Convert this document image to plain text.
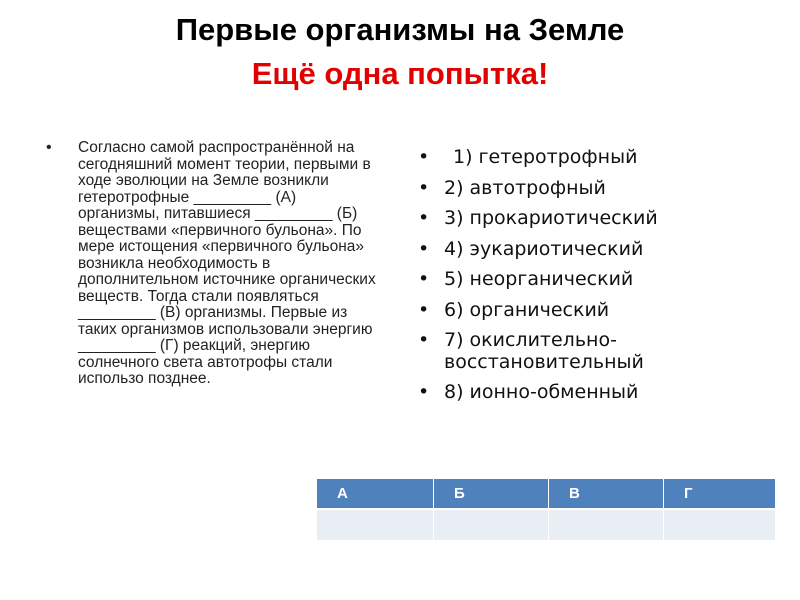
Первые организмы на Земле
Ещё одна попытка!
• Согласно самой распространённой на сегодняшний момент теории, первыми в ходе эволюции на Земле возникли гетеротрофные _________ (А) организмы, питавшиеся _________ (Б) веществами «первичного бульона». По мере истощения «первичного бульона» возникла необходимость в дополнительном источнике органических веществ. Тогда стали появляться _________ (В) организмы. Первые из таких организмов использовали энергию _________ (Г) реакций, энергию солнечного света автотрофы стали использо позднее.
• 1) гетеротрофный
• 2) автотрофный
• 3) прокариотический
• 4) эукариотический
• 5) неорганический
• 6) органический
• 7) окислительно-восстановительный
• 8) ионно-обменный
А	Б	В	Г
